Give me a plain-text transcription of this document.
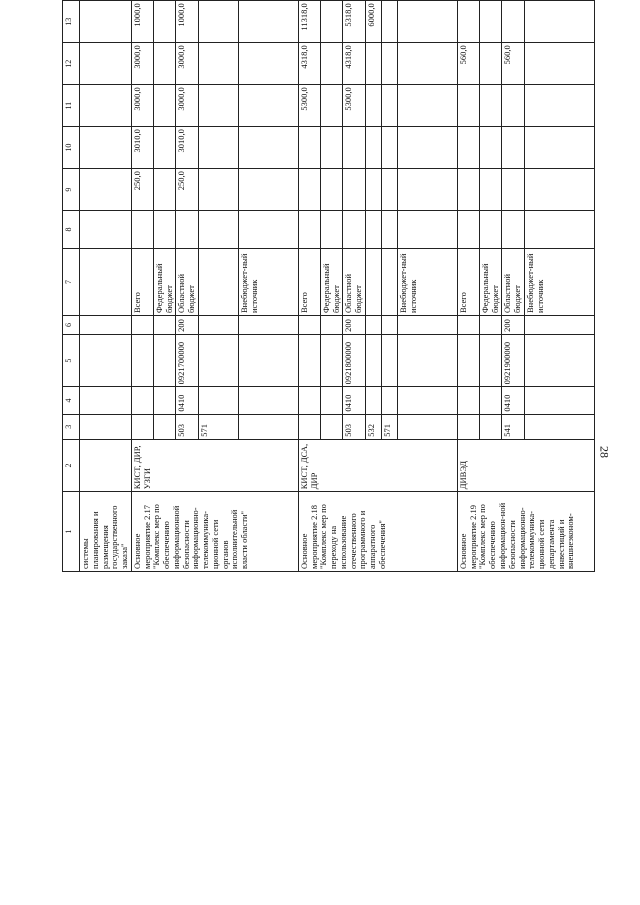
28
1	2	3	4	5	6	7	8	9	10	11	12	13						
системы планирования и размещения государственного заказа"																		
Основное мероприятие 2.17 "Комплекс мер по обеспечению информационной безопасности информационно-телекоммуника-ционной сети органов исполнительной власти области"	КИСТ, ДИР, УЗГИ					Всего		250,0	3010,0	3000,0	3000,0	1000,0						
						Федеральный бюджет												
		503	0410	0921700000	200	Областной бюджет		250,0	3010,0	3000,0	3000,0	1000,0						
		571																
						Внебюджет-ный источник												
Основное мероприятие 2.18 "Комплекс мер по переходу на использование отечественного программного и аппаратного обеспечения"	КИСТ, ДСА, ДИР					Всего				5300,0	4318,0	11318,0						
						Федеральный бюджет												
		503	0410	0921800000	200	Областной бюджет				5300,0	4318,0	5318,0						
		532										6000,0						
		571																
						Внебюджет-ный источник												
Основное мероприятие 2.19 "Комплекс мер по обеспечению информацион-ной безопасности информационно-телекоммуника-ционной сети департамента инвестиций и внешнеэконом-	ДИВЭД					Всего					560,0							
						Федеральный бюджет												
		541	0410	0921900000	200	Областной бюджет					560,0							
						Внебюджет-ный источник												
